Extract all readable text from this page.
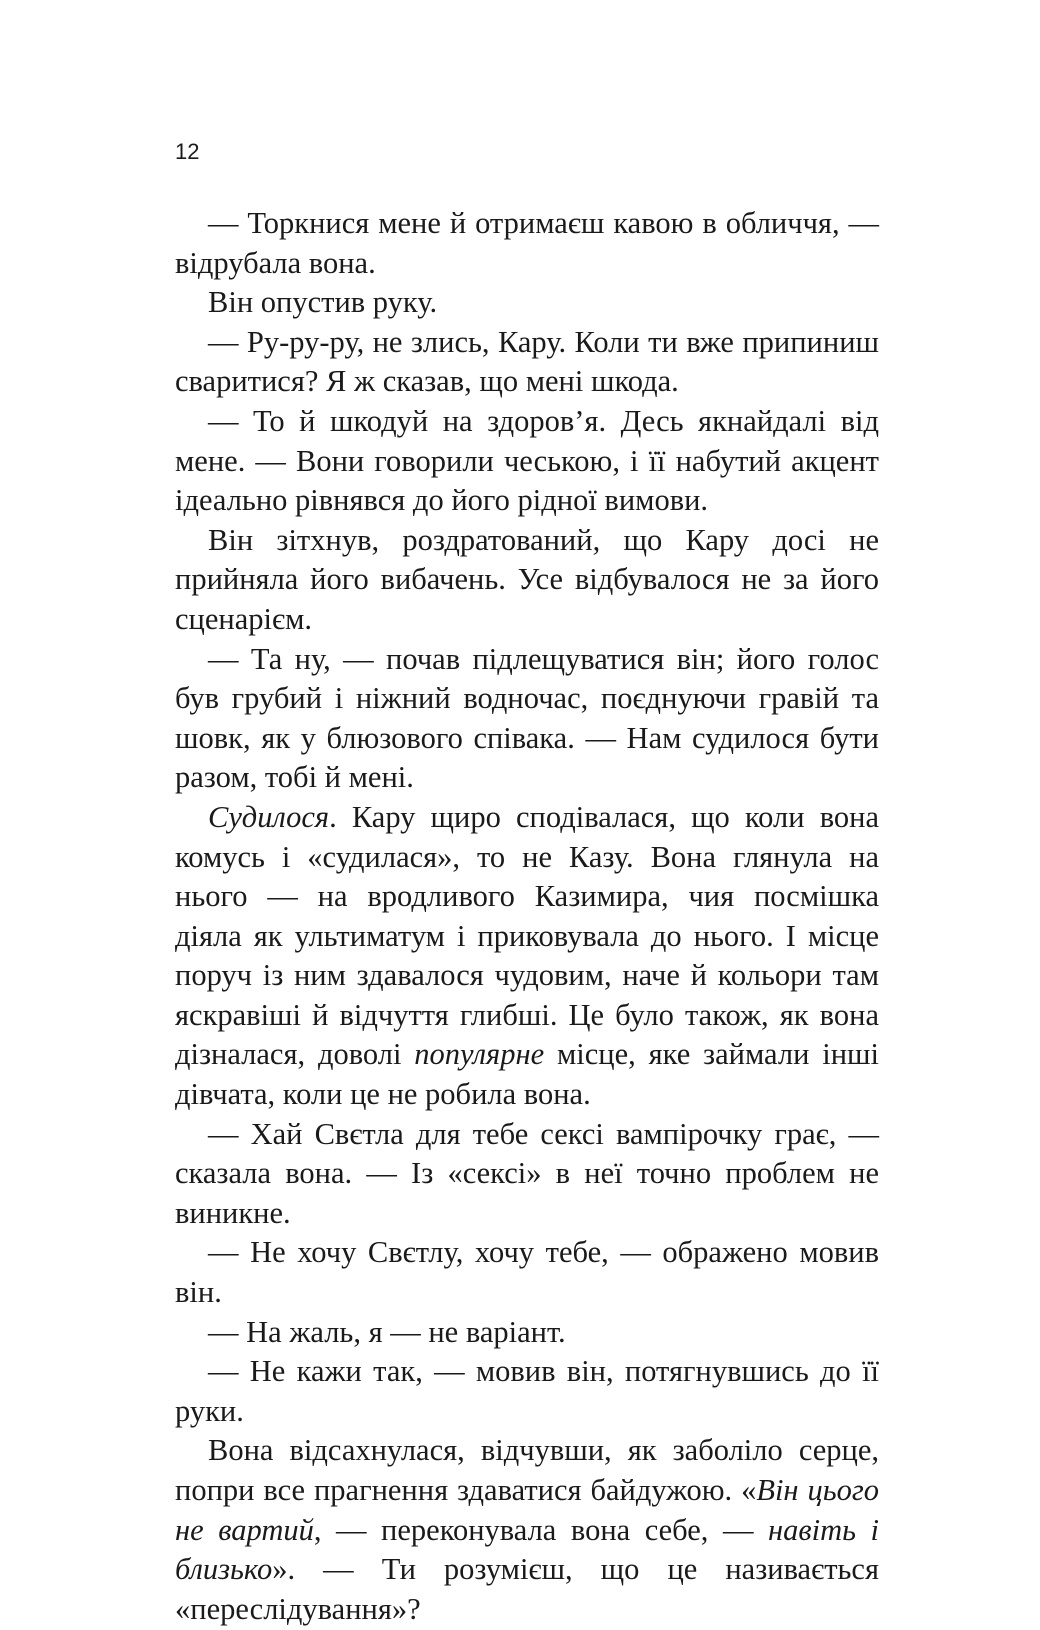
12

— Торкнися мене й отримаєш кавою в обличчя, — відрубала вона.

Він опустив руку.

— Ру-ру-ру, не злись, Кару. Коли ти вже припиниш сваритися? Я ж сказав, що мені шкода.

— То й шкодуй на здоров’я. Десь якнайдалі від мене. — Вони говорили чеською, і її набутий акцент ідеально рівнявся до його рідної вимови.

Він зітхнув, роздратований, що Кару досі не прийняла його вибачень. Усе відбувалося не за його сценарієм.

— Та ну, — почав підлещуватися він; його голос був грубий і ніжний водночас, поєднуючи гравій та шовк, як у блюзового співака. — Нам судилося бути разом, тобі й мені.

Судилося. Кару щиро сподівалася, що коли вона комусь і «судилася», то не Казу. Вона глянула на нього — на вродливого Казимира, чия посмішка діяла як ультиматум і приковувала до нього. І місце поруч із ним здавалося чудовим, наче й кольори там яскравіші й відчуття глибші. Це було також, як вона дізналася, доволі популярне місце, яке займали інші дівчата, коли це не робила вона.

— Хай Свєтла для тебе сексі вампірочку грає, — сказала вона. — Із «сексі» в неї точно проблем не виникне.

— Не хочу Свєтлу, хочу тебе, — ображено мовив він.

— На жаль, я — не варіант.

— Не кажи так, — мовив він, потягнувшись до її руки.

Вона відсахнулася, відчувши, як заболіло серце, попри все прагнення здаватися байдужою. «Він цього не вартий, — переконувала вона себе, — навіть і близько». — Ти розумієш, що це називається «переслідування»?
